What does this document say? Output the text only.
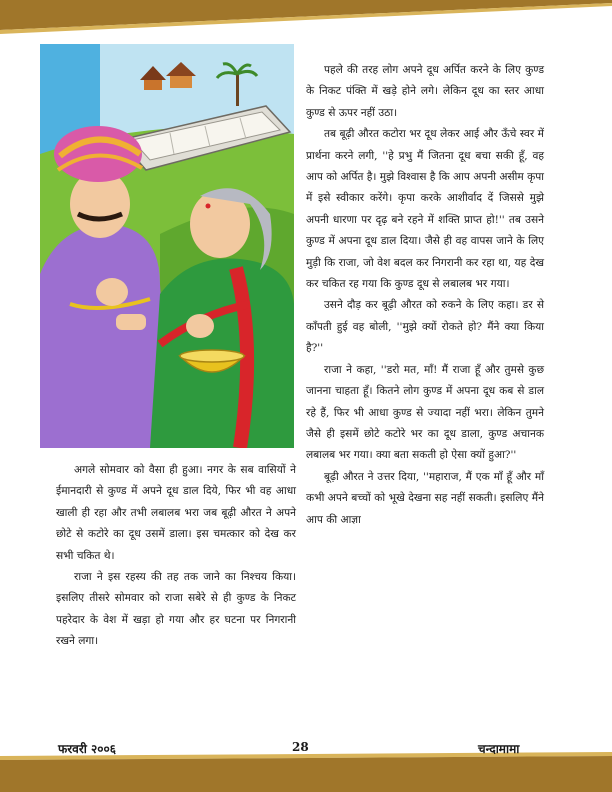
अगले सोमवार को वैसा ही हुआ। नगर के सब वासियों ने ईमानदारी से कुण्ड में अपने दूध डाल दिये, फिर भी वह आधा खाली ही रहा और तभी लबालब भरा जब बूढ़ी औरत ने अपने छोटे से कटोरे का दूध उसमें डाला। इस चमत्कार को देख कर सभी चकित थे।

राजा ने इस रहस्य की तह तक जाने का निश्चय किया। इसलिए तीसरे सोमवार को राजा सबेरे से ही कुण्ड के निकट पहरेदार के वेश में खड़ा हो गया और हर घटना पर निगरानी रखने लगा।

पहले की तरह लोग अपने दूध अर्पित करने के लिए कुण्ड के निकट पंक्ति में खड़े होने लगे। लेकिन दूध का स्तर आधा कुण्ड से ऊपर नहीं उठा।

तब बूढ़ी औरत कटोरा भर दूध लेकर आई और ऊँचे स्वर में प्रार्थना करने लगी, ''हे प्रभु मैं जितना दूध बचा सकी हूँ, वह आप को अर्पित है। मुझे विश्वास है कि आप अपनी असीम कृपा में इसे स्वीकार करेंगे। कृपा करके आशीर्वाद दें जिससे मुझे अपनी धारणा पर दृढ़ बने रहने में शक्ति प्राप्त हो!'' तब उसने कुण्ड में अपना दूध डाल दिया। जैसे ही वह वापस जाने के लिए मुड़ी कि राजा, जो वेश बदल कर निगरानी कर रहा था, यह देख कर चकित रह गया कि कुण्ड दूध से लबालब भर गया।

उसने दौड़ कर बूढ़ी औरत को रुकने के लिए कहा। डर से काँपती हुई वह बोली, ''मुझे क्यों रोकते हो? मैंने क्या किया है?''

राजा ने कहा, ''डरो मत, माँ! मैं राजा हूँ और तुमसे कुछ जानना चाहता हूँ। कितने लोग कुण्ड में अपना दूध कब से डाल रहे हैं, फिर भी आधा कुण्ड से ज्यादा नहीं भरा। लेकिन तुमने जैसे ही इसमें छोटे कटोरे भर का दूध डाला, कुण्ड अचानक लबालब भर गया। क्या बता सकती हो ऐसा क्यों हुआ?''

बूढ़ी औरत ने उत्तर दिया, ''महाराज, मैं एक माँ हूँ और माँ कभी अपने बच्चों को भूखे देखना सह नहीं सकती। इसलिए मैंने आप की आज्ञा

फरवरी २००६	28	चन्दामामा
